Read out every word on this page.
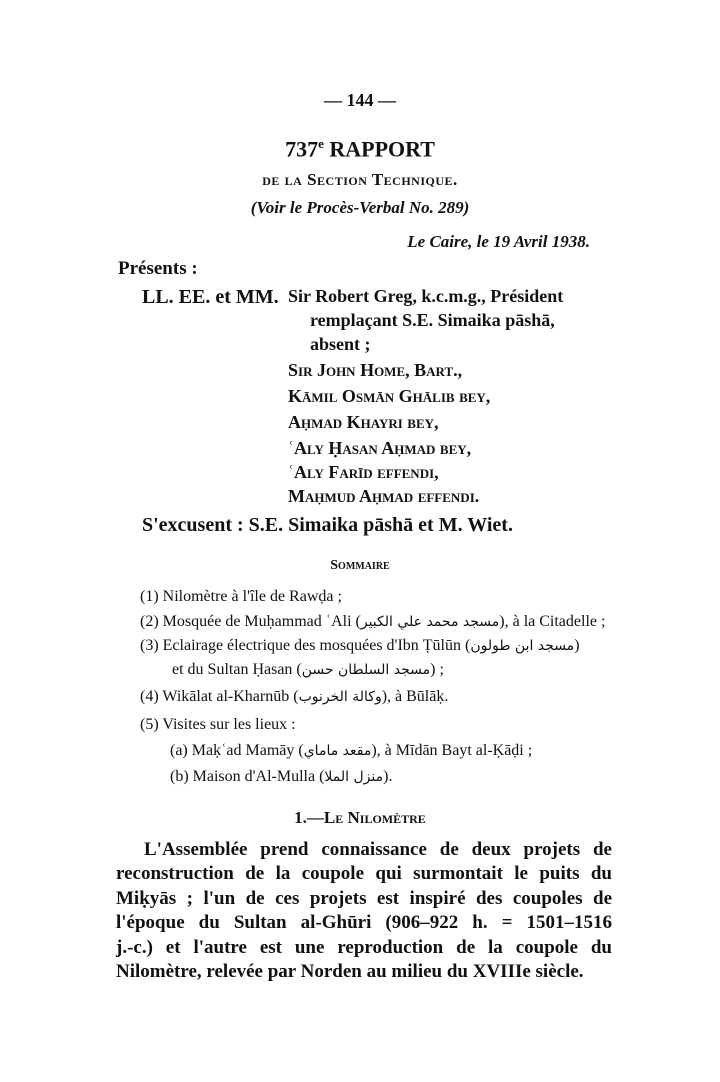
— 144 —
737e RAPPORT
de la Section Technique.
(Voir le Procès-Verbal No. 289)
Le Caire, le 19 Avril 1938.
Présents :
LL. EE. et MM. Sir Robert Greg, k.c.m.g., Président
remplaçant S.E. Simaika pāshā,
absent ;
Sir John Home, Bart.,
Kāmil Osmān Ghālib bey,
Aḥmad Khayri bey,
ʿAly Ḥasan Aḥmad bey,
ʿAly Farīd effendi,
Maḥmud Aḥmad effendi.
S'excusent : S.E. Simaika pāshā et M. Wiet.
Sommaire
(1) Nilomètre à l'île de Rawḍa ;
(2) Mosquée de Muḥammad ʿAli (مسجد محمد علي الكبير), à la Citadelle ;
(3) Eclairage électrique des mosquées d'Ibn Ṭūlūn (مسجد ابن طولون)
et du Sultan Ḥasan (مسجد السلطان حسن) ;
(4) Wikālat al-Kharnūb (وكالة الخرنوب), à Būlāḳ.
(5) Visites sur les lieux :
(a) Maḳʿad Mamāy (مقعد ماماي), à Mīdān Bayt al-Ḳāḍi ;
(b) Maison d'Al-Mulla (منزل الملا).
1.—Le Nilomètre
L'Assemblée prend connaissance de deux projets de
reconstruction de la coupole qui surmontait le puits du
Miḳyās ; l'un de ces projets est inspiré des coupoles de
l'époque du Sultan al-Ghūri (906–922 h. = 1501–1516
j.-c.) et l'autre est une reproduction de la coupole du
Nilomètre, relevée par Norden au milieu du XVIIIe siècle.
